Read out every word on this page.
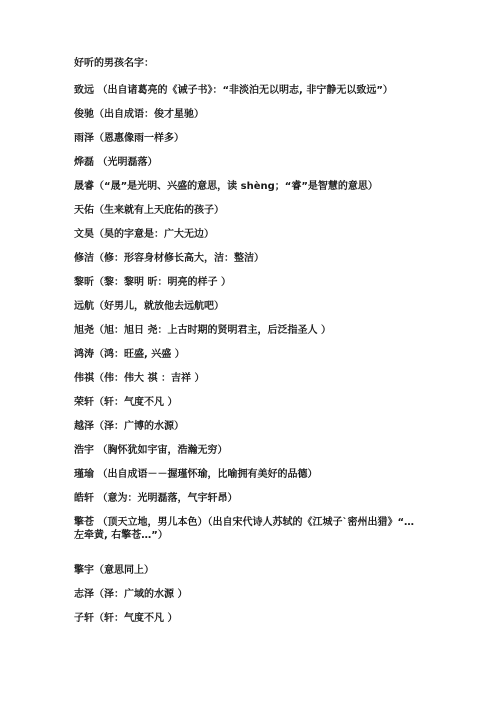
好听的男孩名字：
致远 （出自诸葛亮的《诫子书》：“非淡泊无以明志, 非宁静无以致远”）
俊驰（出自成语：俊才星驰）
雨泽（恩惠像雨一样多）
烨磊 （光明磊落）
晟睿（“晟”是光明、兴盛的意思，读 shèng；“睿”是智慧的意思）
天佑（生来就有上天庇佑的孩子）
文昊（昊的字意是：广大无边）
修洁（修：形容身材修长高大，洁：整洁）
黎昕（黎：黎明 昕：明亮的样子 ）
远航（好男儿，就放他去远航吧）
旭尧（旭：旭日 尧：上古时期的贤明君主，后泛指圣人 ）
鸿涛（鸿：旺盛, 兴盛 ）
伟祺（伟：伟大 祺 ：吉祥 ）
荣轩（轩：气度不凡 ）
越泽（泽：广博的水源）
浩宇 （胸怀犹如宇宙，浩瀚无穷）
瑾瑜 （出自成语－－握瑾怀瑜，比喻拥有美好的品德）
皓轩 （意为：光明磊落，气宇轩昂）
擎苍 （顶天立地，男儿本色）（出自宋代诗人苏轼的《江城子`密州出猎》“…左牵黄, 右擎苍…”）
擎宇（意思同上）
志泽（泽：广域的水源 ）
子轩（轩：气度不凡 ）
